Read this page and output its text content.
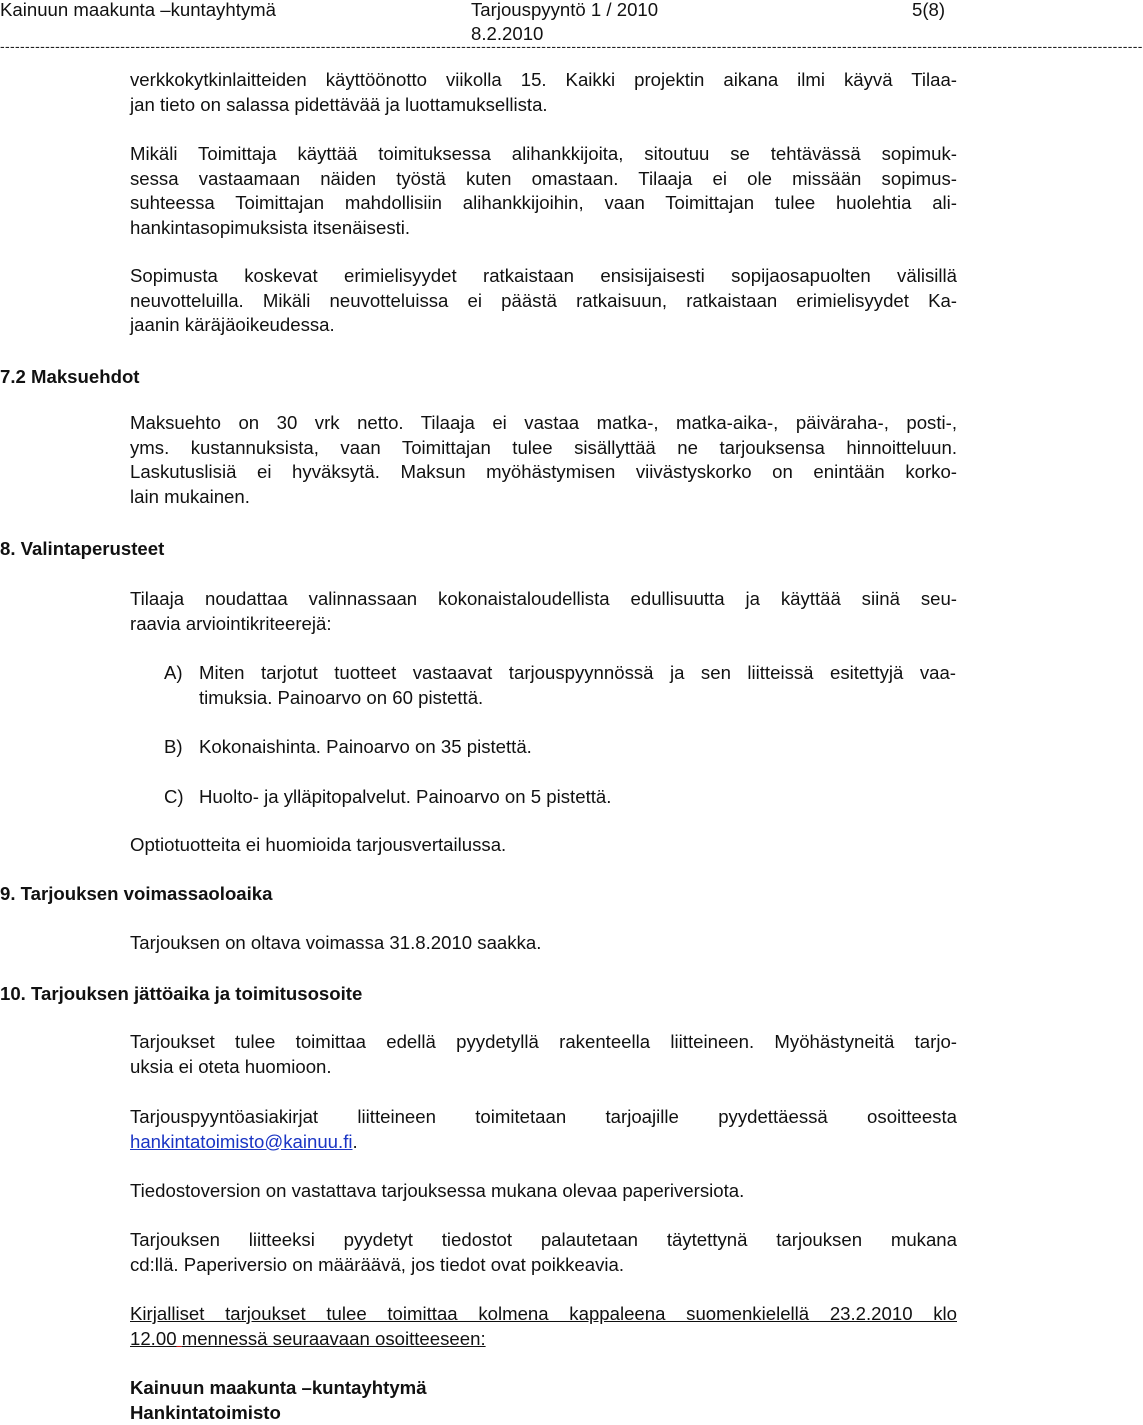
Kainuun maakunta –kuntayhtymä	Tarjouspyyntö 1 / 2010
8.2.2010
5(8)
------------------------------------------------------------------------------------------------------------------------------------------------------------------------------------------------------------------------------------
verkkokytkinlaitteiden käyttöönotto viikolla 15. Kaikki projektin aikana ilmi käyvä Tilaa-
jan tieto on salassa pidettävää ja luottamuksellista.
Mikäli Toimittaja käyttää toimituksessa alihankkijoita, sitoutuu se tehtävässä sopimuk-
sessa vastaamaan näiden työstä kuten omastaan. Tilaaja ei ole missään sopimus-
suhteessa Toimittajan mahdollisiin alihankkijoihin, vaan Toimittajan tulee huolehtia ali-
hankintasopimuksista itsenäisesti.
Sopimusta koskevat erimielisyydet ratkaistaan ensisijaisesti sopijaosapuolten välisillä
neuvotteluilla. Mikäli neuvotteluissa ei päästä ratkaisuun, ratkaistaan erimielisyydet Ka-
jaanin käräjäoikeudessa.
7.2 Maksuehdot
Maksuehto on 30 vrk netto. Tilaaja ei vastaa matka-, matka-aika-, päiväraha-, posti-,
yms. kustannuksista, vaan Toimittajan tulee sisällyttää ne tarjouksensa hinnoitteluun.
Laskutuslisiä ei hyväksytä. Maksun myöhästymisen viivästyskorko on enintään korko-
lain mukainen.
8. Valintaperusteet
Tilaaja noudattaa valinnassaan kokonaistaloudellista edullisuutta ja käyttää siinä seu-
raavia arviointikriteerejä:
A) Miten tarjotut tuotteet vastaavat tarjouspyynnössä ja sen liitteissä esitettyjä vaa-
timuksia. Painoarvo on 60 pistettä.
B) Kokonaishinta. Painoarvo on 35 pistettä.
C) Huolto- ja ylläpitopalvelut. Painoarvo on 5 pistettä.
Optiotuotteita ei huomioida tarjousvertailussa.
9. Tarjouksen voimassaoloaika
Tarjouksen on oltava voimassa 31.8.2010 saakka.
10. Tarjouksen jättöaika ja toimitusosoite
Tarjoukset tulee toimittaa edellä pyydetyllä rakenteella liitteineen. Myöhästyneitä tarjo-
uksia ei oteta huomioon.
Tarjouspyyntöasiakirjat liitteineen toimitetaan tarjoajille pyydettäessä osoitteesta
hankintatoimisto@kainuu.fi.
Tiedostoversion on vastattava tarjouksessa mukana olevaa paperiversiota.
Tarjouksen liitteeksi pyydetyt tiedostot palautetaan täytettynä tarjouksen mukana
cd:llä. Paperiversio on määräävä, jos tiedot ovat poikkeavia.
Kirjalliset tarjoukset tulee toimittaa kolmena kappaleena suomenkielellä 23.2.2010 klo
12.00 mennessä seuraavaan osoitteeseen:
Kainuun maakunta –kuntayhtymä
Hankintatoimisto
